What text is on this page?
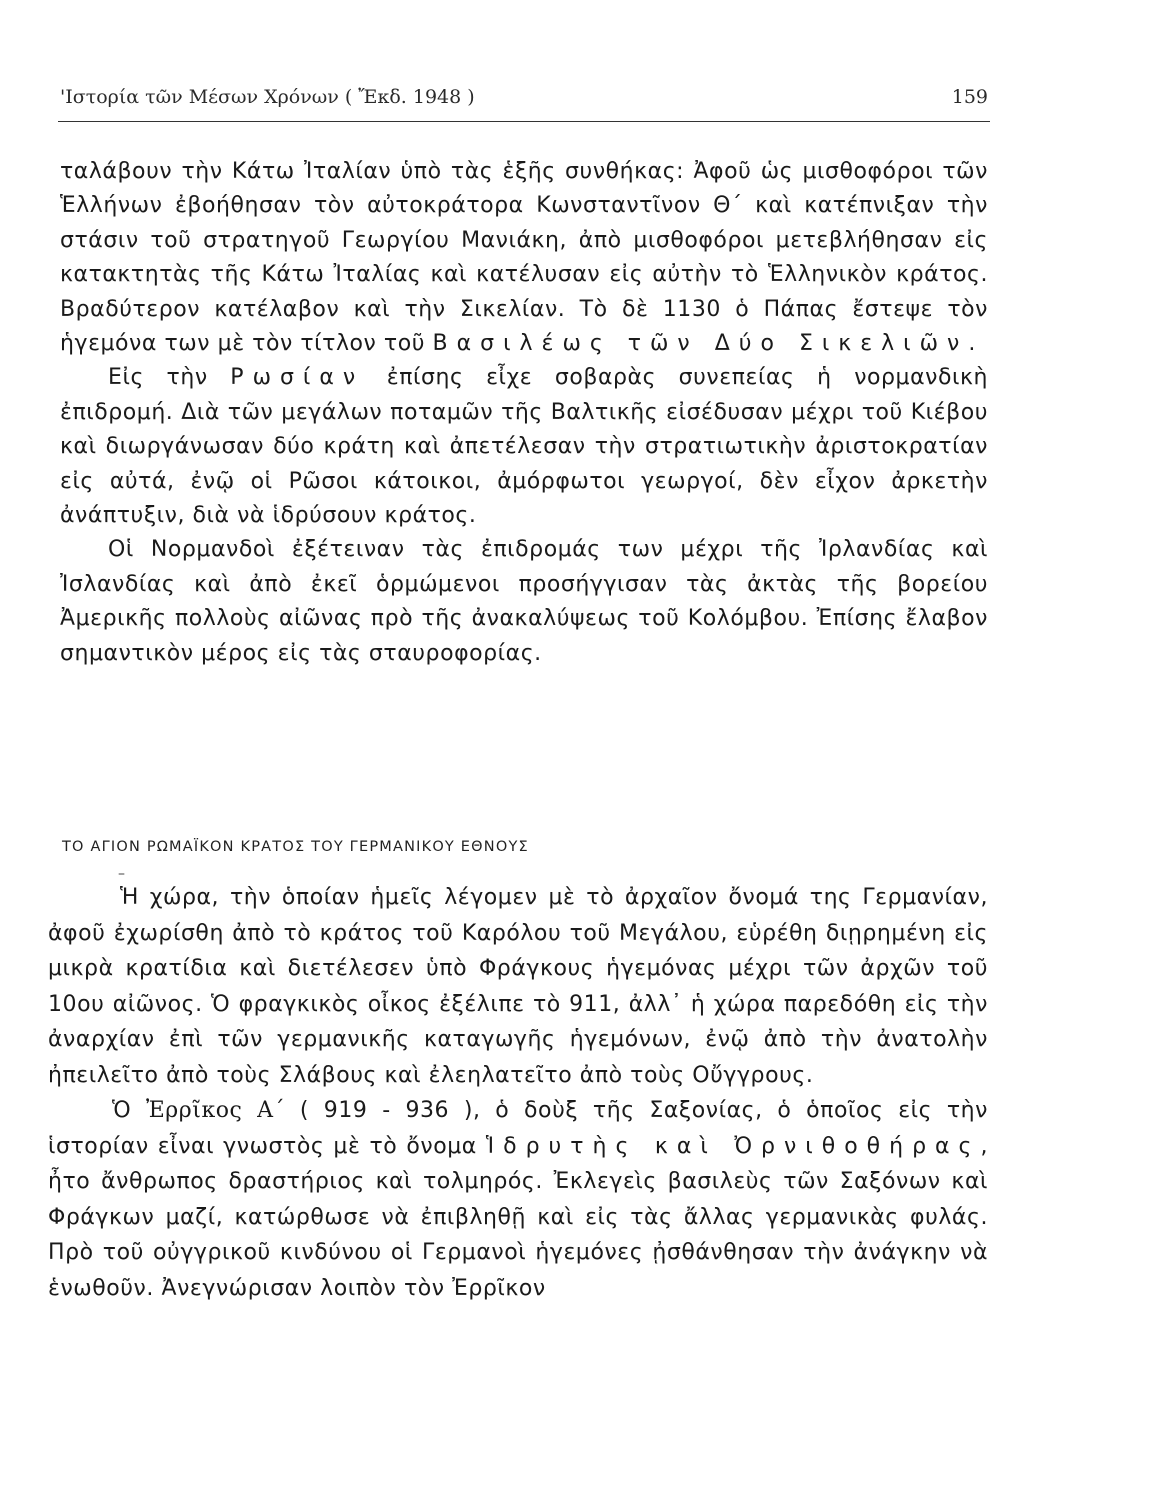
'Ιστορία τῶν Μέσων Χρόνων ( Ἔκδ. 1948 )	159

ταλάβουν τὴν Κάτω Ἰταλίαν ὑπὸ τὰς ἑξῆς συνθήκας: Ἀφοῦ ὡς μισθοφόροι τῶν Ἑλλήνων ἐβοήθησαν τὸν αὐτοκράτορα Κωνσταντῖνον Θ΄ καὶ κατέπνιξαν τὴν στάσιν τοῦ στρατηγοῦ Γεωργίου Μανιάκη, ἀπὸ μισθοφόροι μετεβλήθησαν εἰς κατακτητὰς τῆς Κάτω Ἰταλίας καὶ κατέλυσαν εἰς αὐτὴν τὸ Ἑλληνικὸν κράτος. Βραδύτερον κατέλαβον καὶ τὴν Σικελίαν. Τὸ δὲ 1130 ὁ Πάπας ἔστεψε τὸν ἡγεμόνα των μὲ τὸν τίτλον τοῦ Βασιλέως τῶν Δύο Σικελιῶν.

Εἰς τὴν Ρωσίαν ἐπίσης εἶχε σοβαρὰς συνεπείας ἡ νορμανδικὴ ἐπιδρομή. Διὰ τῶν μεγάλων ποταμῶν τῆς Βαλτικῆς εἰσέδυσαν μέχρι τοῦ Κιέβου καὶ διωργάνωσαν δύο κράτη καὶ ἀπετέλεσαν τὴν στρατιωτικὴν ἀριστοκρατίαν εἰς αὐτά, ἐνῷ οἱ Ρῶσοι κάτοικοι, ἀμόρφωτοι γεωργοί, δὲν εἶχον ἀρκετὴν ἀνάπτυξιν, διὰ νὰ ἱδρύσουν κράτος.

Οἱ Νορμανδοὶ ἐξέτειναν τὰς ἐπιδρομάς των μέχρι τῆς Ἰρλανδίας καὶ Ἰσλανδίας καὶ ἀπὸ ἐκεῖ ὁρμώμενοι προσήγγισαν τὰς ἀκτὰς τῆς βορείου Ἀμερικῆς πολλοὺς αἰῶνας πρὸ τῆς ἀνακαλύψεως τοῦ Κολόμβου. Ἐπίσης ἔλαβον σημαντικὸν μέρος εἰς τὰς σταυροφορίας.

ΤΟ ΑΓΙΟΝ ΡΩΜΑΪΚΟΝ ΚΡΑΤΟΣ ΤΟΥ ΓΕΡΜΑΝΙΚΟΥ ΕΘΝΟΥΣ
–

Ἡ χώρα, τὴν ὁποίαν ἡμεῖς λέγομεν μὲ τὸ ἀρχαῖον ὄνομά της Γερμανίαν, ἀφοῦ ἐχωρίσθη ἀπὸ τὸ κράτος τοῦ Καρόλου τοῦ Μεγάλου, εὑρέθη διῃρημένη εἰς μικρὰ κρατίδια καὶ διετέλεσεν ὑπὸ Φράγκους ἡγεμόνας μέχρι τῶν ἀρχῶν τοῦ 10ου αἰῶνος. Ὁ φραγκικὸς οἶκος ἐξέλιπε τὸ 911, ἀλλ᾽ ἡ χώρα παρεδόθη εἰς τὴν ἀναρχίαν ἐπὶ τῶν γερμανικῆς καταγωγῆς ἡγεμόνων, ἐνῷ ἀπὸ τὴν ἀνατολὴν ἠπειλεῖτο ἀπὸ τοὺς Σλάβους καὶ ἐλεηλατεῖτο ἀπὸ τοὺς Οὔγγρους.

Ὁ Ἐρρῖκος Α΄ ( 919 - 936 ), ὁ δοὺξ τῆς Σαξονίας, ὁ ὁποῖος εἰς τὴν ἱστορίαν εἶναι γνωστὸς μὲ τὸ ὄνομα Ἱδρυτὴς καὶ Ὀρνιθοθήρας, ἦτο ἄνθρωπος δραστήριος καὶ τολμηρός. Ἐκλεγεὶς βασιλεὺς τῶν Σαξόνων καὶ Φράγκων μαζί, κατώρθωσε νὰ ἐπιβληθῇ καὶ εἰς τὰς ἄλλας γερμανικὰς φυλάς. Πρὸ τοῦ οὐγγρικοῦ κινδύνου οἱ Γερμανοὶ ἡγεμόνες ᾐσθάνθησαν τὴν ἀνάγκην νὰ ἑνωθοῦν. Ἀνεγνώρισαν λοιπὸν τὸν Ἐρρῖκον
